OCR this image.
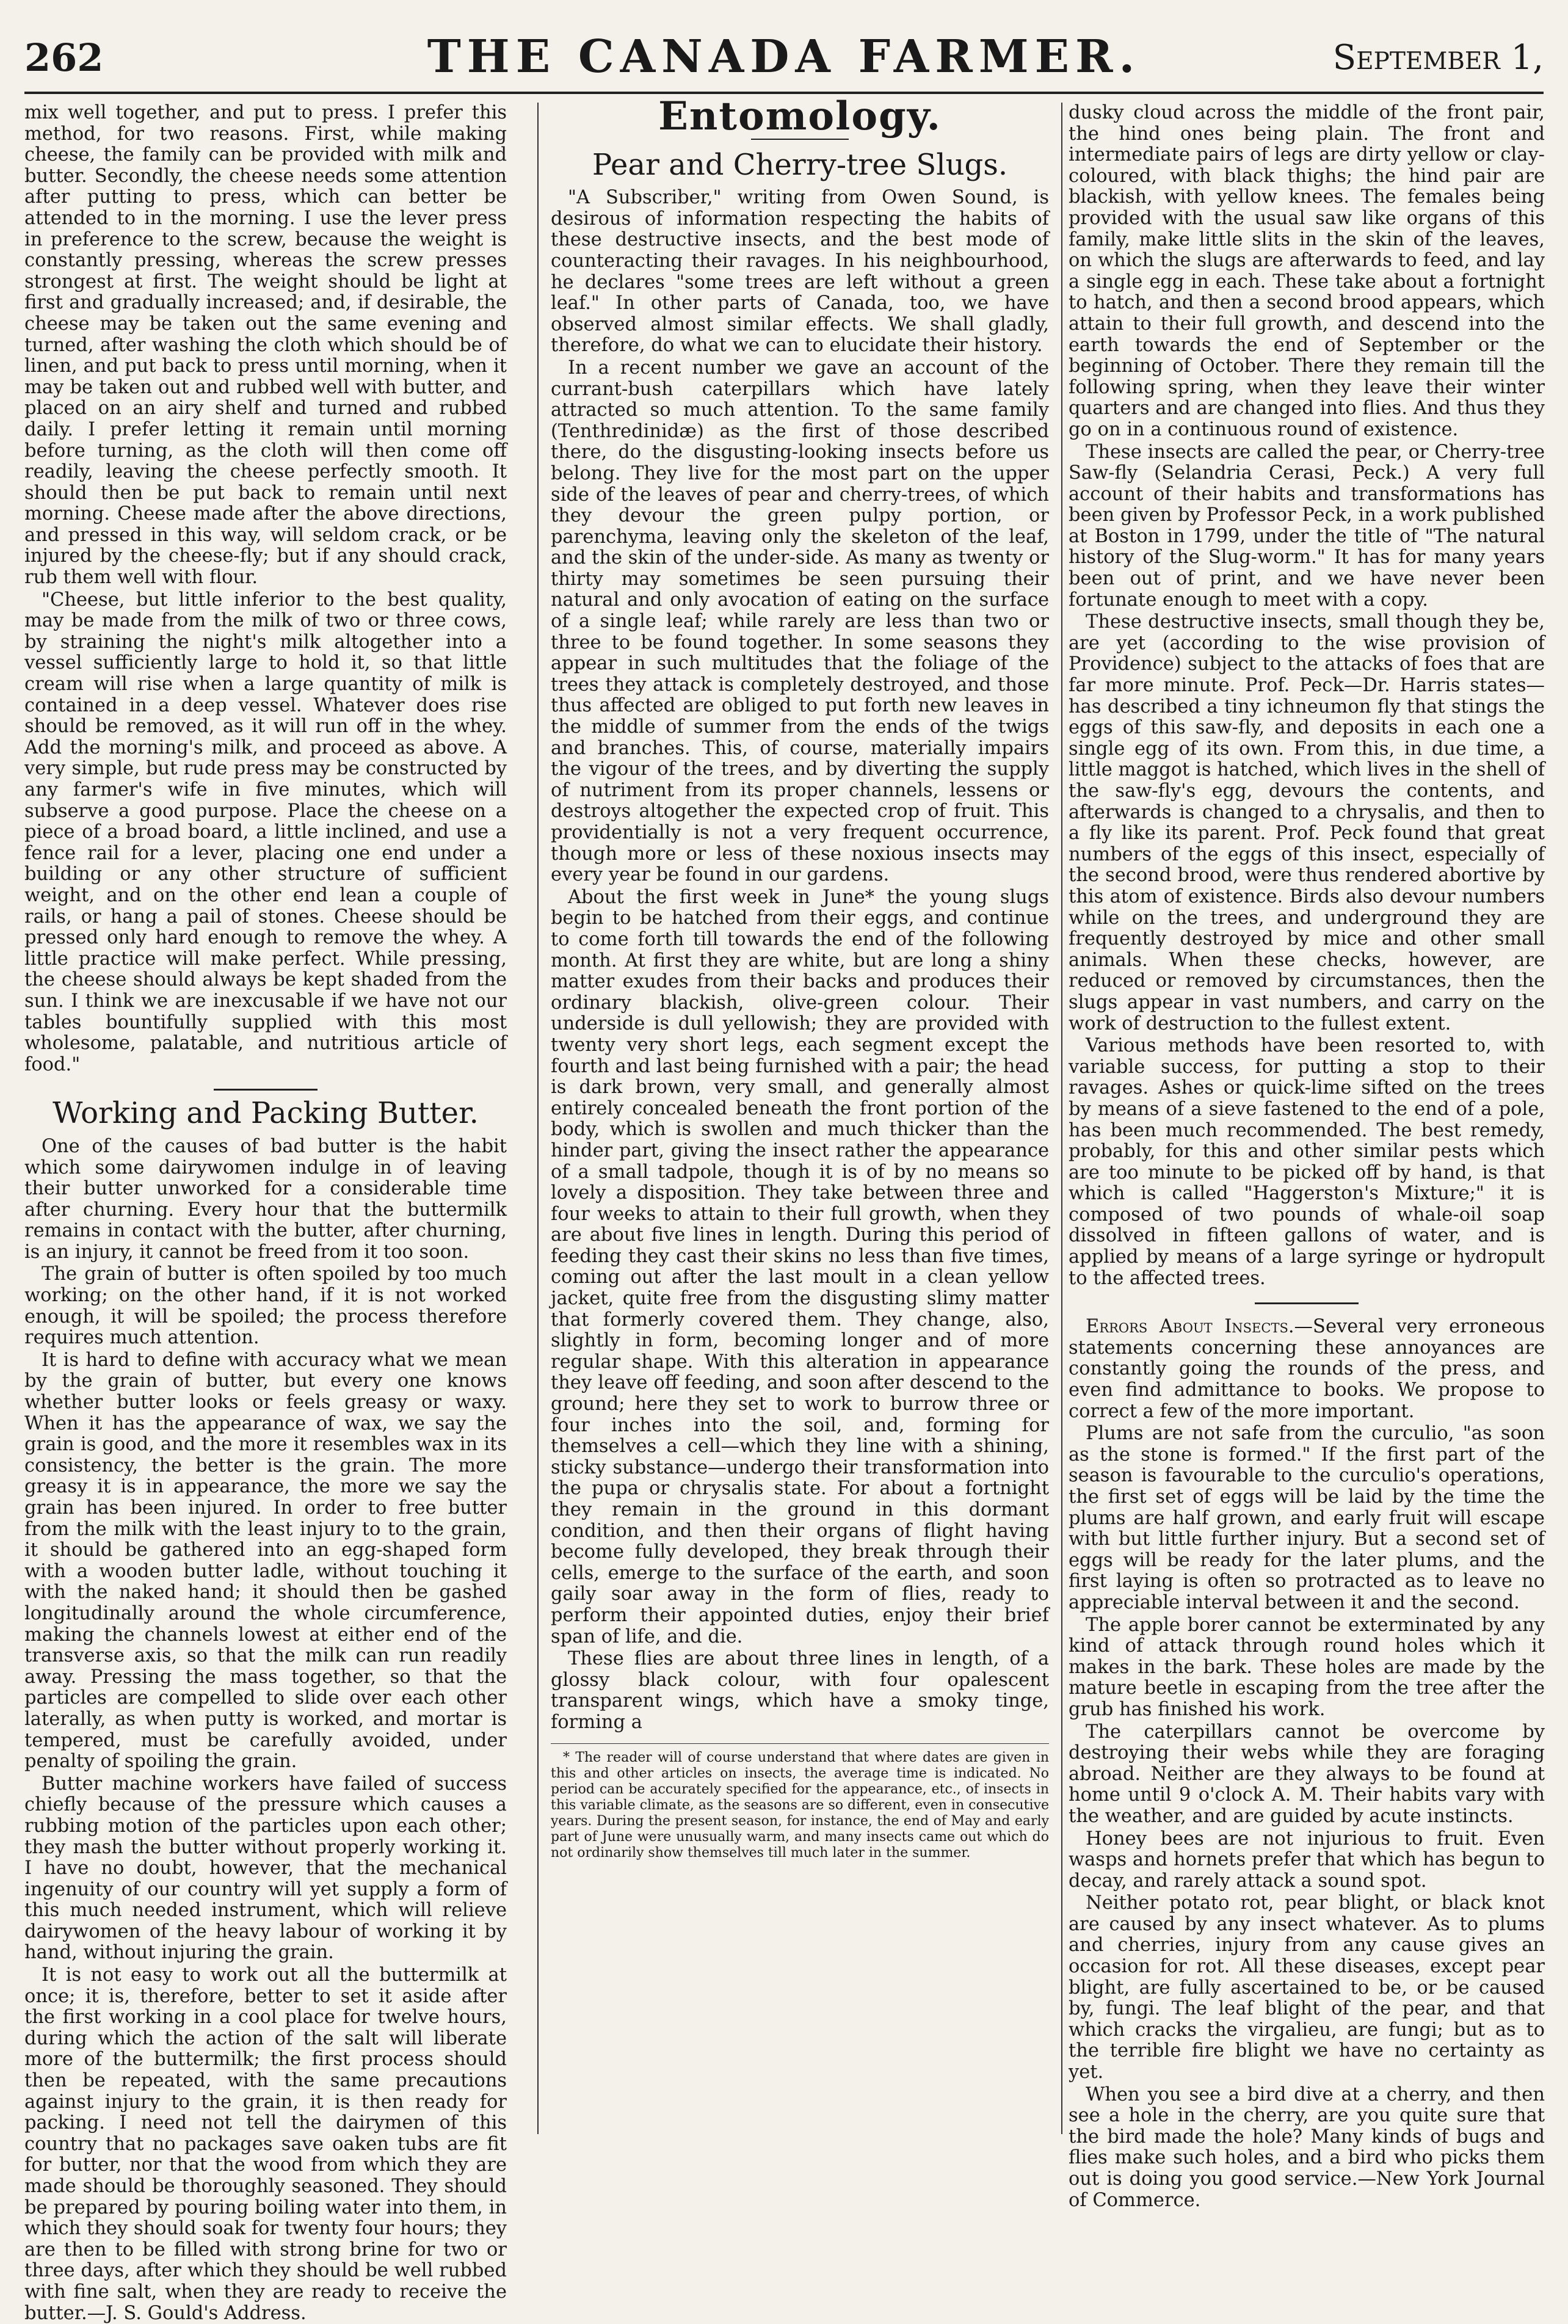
262	THE CANADA FARMER.	September 1,

mix well together, and put to press. I prefer this method, for two reasons. First, while making cheese, the family can be provided with milk and butter. Secondly, the cheese needs some attention after putting to press, which can better be attended to in the morning. I use the lever press in preference to the screw, because the weight is constantly pressing, whereas the screw presses strongest at first. The weight should be light at first and gradually increased; and, if desirable, the cheese may be taken out the same evening and turned, after washing the cloth which should be of linen, and put back to press until morning, when it may be taken out and rubbed well with butter, and placed on an airy shelf and turned and rubbed daily. I prefer letting it remain until morning before turning, as the cloth will then come off readily, leaving the cheese perfectly smooth. It should then be put back to remain until next morning. Cheese made after the above directions, and pressed in this way, will seldom crack, or be injured by the cheese-fly; but if any should crack, rub them well with flour.

"Cheese, but little inferior to the best quality, may be made from the milk of two or three cows, by straining the night's milk altogether into a vessel sufficiently large to hold it, so that little cream will rise when a large quantity of milk is contained in a deep vessel. Whatever does rise should be removed, as it will run off in the whey. Add the morning's milk, and proceed as above. A very simple, but rude press may be constructed by any farmer's wife in five minutes, which will subserve a good purpose. Place the cheese on a piece of a broad board, a little inclined, and use a fence rail for a lever, placing one end under a building or any other structure of sufficient weight, and on the other end lean a couple of rails, or hang a pail of stones. Cheese should be pressed only hard enough to remove the whey. A little practice will make perfect. While pressing, the cheese should always be kept shaded from the sun. I think we are inexcusable if we have not our tables bountifully supplied with this most wholesome, palatable, and nutritious article of food."

Working and Packing Butter.

One of the causes of bad butter is the habit which some dairywomen indulge in of leaving their butter unworked for a considerable time after churning. Every hour that the buttermilk remains in contact with the butter, after churning, is an injury, it cannot be freed from it too soon.

The grain of butter is often spoiled by too much working; on the other hand, if it is not worked enough, it will be spoiled; the process therefore requires much attention.

It is hard to define with accuracy what we mean by the grain of butter, but every one knows whether butter looks or feels greasy or waxy. When it has the appearance of wax, we say the grain is good, and the more it resembles wax in its consistency, the better is the grain. The more greasy it is in appearance, the more we say the grain has been injured. In order to free butter from the milk with the least injury to to the grain, it should be gathered into an egg-shaped form with a wooden butter ladle, without touching it with the naked hand; it should then be gashed longitudinally around the whole circumference, making the channels lowest at either end of the transverse axis, so that the milk can run readily away. Pressing the mass together, so that the particles are compelled to slide over each other laterally, as when putty is worked, and mortar is tempered, must be carefully avoided, under penalty of spoiling the grain.

Butter machine workers have failed of success chiefly because of the pressure which causes a rubbing motion of the particles upon each other; they mash the butter without properly working it. I have no doubt, however, that the mechanical ingenuity of our country will yet supply a form of this much needed instrument, which will relieve dairywomen of the heavy labour of working it by hand, without injuring the grain.

It is not easy to work out all the buttermilk at once; it is, therefore, better to set it aside after the first working in a cool place for twelve hours, during which the action of the salt will liberate more of the buttermilk; the first process should then be repeated, with the same precautions against injury to the grain, it is then ready for packing. I need not tell the dairymen of this country that no packages save oaken tubs are fit for butter, nor that the wood from which they are made should be thoroughly seasoned. They should be prepared by pouring boiling water into them, in which they should soak for twenty four hours; they are then to be filled with strong brine for two or three days, after which they should be well rubbed with fine salt, when they are ready to receive the butter.—J. S. Gould's Address.

Entomology.
Pear and Cherry-tree Slugs.

"A Subscriber," writing from Owen Sound, is desirous of information respecting the habits of these destructive insects, and the best mode of counteracting their ravages. In his neighbourhood, he declares "some trees are left without a green leaf." In other parts of Canada, too, we have observed almost similar effects. We shall gladly, therefore, do what we can to elucidate their history.

In a recent number we gave an account of the currant-bush caterpillars which have lately attracted so much attention. To the same family (Tenthredinidæ) as the first of those described there, do the disgusting-looking insects before us belong. They live for the most part on the upper side of the leaves of pear and cherry-trees, of which they devour the green pulpy portion, or parenchyma, leaving only the skeleton of the leaf, and the skin of the under-side. As many as twenty or thirty may sometimes be seen pursuing their natural and only avocation of eating on the surface of a single leaf; while rarely are less than two or three to be found together. In some seasons they appear in such multitudes that the foliage of the trees they attack is completely destroyed, and those thus affected are obliged to put forth new leaves in the middle of summer from the ends of the twigs and branches. This, of course, materially impairs the vigour of the trees, and by diverting the supply of nutriment from its proper channels, lessens or destroys altogether the expected crop of fruit. This providentially is not a very frequent occurrence, though more or less of these noxious insects may every year be found in our gardens.

About the first week in June* the young slugs begin to be hatched from their eggs, and continue to come forth till towards the end of the following month. At first they are white, but are long a shiny matter exudes from their backs and produces their ordinary blackish, olive-green colour. Their underside is dull yellowish; they are provided with twenty very short legs, each segment except the fourth and last being furnished with a pair; the head is dark brown, very small, and generally almost entirely concealed beneath the front portion of the body, which is swollen and much thicker than the hinder part, giving the insect rather the appearance of a small tadpole, though it is of by no means so lovely a disposition. They take between three and four weeks to attain to their full growth, when they are about five lines in length. During this period of feeding they cast their skins no less than five times, coming out after the last moult in a clean yellow jacket, quite free from the disgusting slimy matter that formerly covered them. They change, also, slightly in form, becoming longer and of more regular shape. With this alteration in appearance they leave off feeding, and soon after descend to the ground; here they set to work to burrow three or four inches into the soil, and, forming for themselves a cell—which they line with a shining, sticky substance—undergo their transformation into the pupa or chrysalis state. For about a fortnight they remain in the ground in this dormant condition, and then their organs of flight having become fully developed, they break through their cells, emerge to the surface of the earth, and soon gaily soar away in the form of flies, ready to perform their appointed duties, enjoy their brief span of life, and die.

These flies are about three lines in length, of a glossy black colour, with four opalescent transparent wings, which have a smoky tinge, forming a

* The reader will of course understand that where dates are given in this and other articles on insects, the average time is indicated. No period can be accurately specified for the appearance, etc., of insects in this variable climate, as the seasons are so different, even in consecutive years. During the present season, for instance, the end of May and early part of June were unusually warm, and many insects came out which do not ordinarily show themselves till much later in the summer.

dusky cloud across the middle of the front pair, the hind ones being plain. The front and intermediate pairs of legs are dirty yellow or clay-coloured, with black thighs; the hind pair are blackish, with yellow knees. The females being provided with the usual saw like organs of this family, make little slits in the skin of the leaves, on which the slugs are afterwards to feed, and lay a single egg in each. These take about a fortnight to hatch, and then a second brood appears, which attain to their full growth, and descend into the earth towards the end of September or the beginning of October. There they remain till the following spring, when they leave their winter quarters and are changed into flies. And thus they go on in a continuous round of existence.

These insects are called the pear, or Cherry-tree Saw-fly (Selandria Cerasi, Peck.) A very full account of their habits and transformations has been given by Professor Peck, in a work published at Boston in 1799, under the title of "The natural history of the Slug-worm." It has for many years been out of print, and we have never been fortunate enough to meet with a copy.

These destructive insects, small though they be, are yet (according to the wise provision of Providence) subject to the attacks of foes that are far more minute. Prof. Peck—Dr. Harris states—has described a tiny ichneumon fly that stings the eggs of this saw-fly, and deposits in each one a single egg of its own. From this, in due time, a little maggot is hatched, which lives in the shell of the saw-fly's egg, devours the contents, and afterwards is changed to a chrysalis, and then to a fly like its parent. Prof. Peck found that great numbers of the eggs of this insect, especially of the second brood, were thus rendered abortive by this atom of existence. Birds also devour numbers while on the trees, and underground they are frequently destroyed by mice and other small animals. When these checks, however, are reduced or removed by circumstances, then the slugs appear in vast numbers, and carry on the work of destruction to the fullest extent.

Various methods have been resorted to, with variable success, for putting a stop to their ravages. Ashes or quick-lime sifted on the trees by means of a sieve fastened to the end of a pole, has been much recommended. The best remedy, probably, for this and other similar pests which are too minute to be picked off by hand, is that which is called "Haggerston's Mixture;" it is composed of two pounds of whale-oil soap dissolved in fifteen gallons of water, and is applied by means of a large syringe or hydropult to the affected trees.

Errors About Insects.—Several very erroneous statements concerning these annoyances are constantly going the rounds of the press, and even find admittance to books. We propose to correct a few of the more important.

Plums are not safe from the curculio, "as soon as the stone is formed." If the first part of the season is favourable to the curculio's operations, the first set of eggs will be laid by the time the plums are half grown, and early fruit will escape with but little further injury. But a second set of eggs will be ready for the later plums, and the first laying is often so protracted as to leave no appreciable interval between it and the second.

The apple borer cannot be exterminated by any kind of attack through round holes which it makes in the bark. These holes are made by the mature beetle in escaping from the tree after the grub has finished his work.

The caterpillars cannot be overcome by destroying their webs while they are foraging abroad. Neither are they always to be found at home until 9 o'clock A. M. Their habits vary with the weather, and are guided by acute instincts.

Honey bees are not injurious to fruit. Even wasps and hornets prefer that which has begun to decay, and rarely attack a sound spot.

Neither potato rot, pear blight, or black knot are caused by any insect whatever. As to plums and cherries, injury from any cause gives an occasion for rot. All these diseases, except pear blight, are fully ascertained to be, or be caused by, fungi. The leaf blight of the pear, and that which cracks the virgalieu, are fungi; but as to the terrible fire blight we have no certainty as yet.

When you see a bird dive at a cherry, and then see a hole in the cherry, are you quite sure that the bird made the hole? Many kinds of bugs and flies make such holes, and a bird who picks them out is doing you good service.—New York Journal of Commerce.
